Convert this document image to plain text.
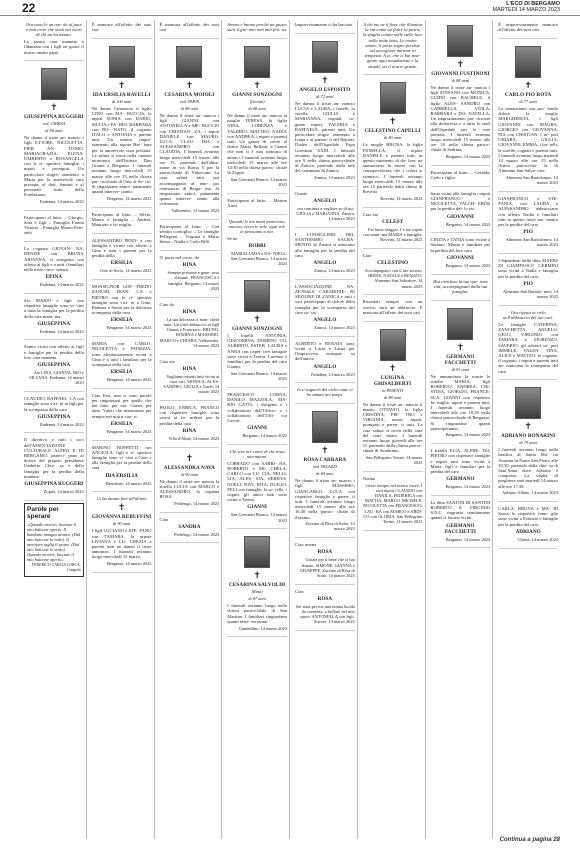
22	L'ECO DI BERGAMO
MARTEDÌ 14 MARZO 2023

Ora sono lo un ren- do al pace e mai certe che sioni nei cuori di chi mi ha amato.

La nostra cara mamma e fidanzata con i figli ne gioite il nostro amato papà.

✝
GIUSEPPINA RUGGERI
ved. CHIESA
di 96 anni

Ne danno il triste an- nuncio i figli ETTORE, NICOLETTA, PIER AN- TONIO, MARIAGRAZIA, ELENA, UMBERTO e ROSANGELA con le ri- spettive famiglie, i nipoti e pronipoti. Un particolare ringra- ziamento a Maria per la amorevole cura prestata, al dott. Santini e al personale tutto della Fondazione.

Endenna, 14 marzo 2023

Partecipano al lutto: – Giorgio, Sara e figli – Famiglia Farina Vittorio – Famiglia Mauro Pere- zetti

La cognata GIOVAN- NA, DENISE con BRUNA ARIANNA, ci stringono con affetto ai figli e a tutti i familiari nella triste circo- stanza.

EPINA

Endenna, 14 marzo 2023

Zio MARIO e figli con rispettive famiglie sono vi- cini a tutta la famiglia per la perdita della cara mam- ma.

GIUSEPPINA

Endenna, 14 marzo 2023

Siamo vicini con affetto ai figli e famiglie per la perdita della loro cara mamma.

GIUSEPPINA

Zia LINA, GIANNA, RIO e SILVANA. Endenna, 14 marzo 2023

CLAUDIO, RAFFAEL- LA con famiglie sono vici- ni ai figli per la scomparsa della cara

GIUSEPPINA

Endenna, 14 marzo 2023

Il direttivo e tutti i soci dell'ASSOCIAZIONE CULTURALE ALPINI E DI BERGAMO, parteci- pano al dolore del proprio presidente Umberto Chie- sa e della famiglia per la perdita della mamma

GIUSEPPINA RUGGERI

Zogno, 14 marzo 2023

Parole per sperare

«Quando morirò, lasciate il mio balcone aperto. Il bambino mangia arance. (Dal mio balcone lo vedo). Il mietitore taglia il grano. (Dal mio balcone lo sento). Quando morirò, lasciate il mio balcone aperto».

FEDERICO GARCIA LORCA, Congedo

È mancata all'affetto dei suoi cari

✝
IDA ERSILIA RAVELLI
di 100 anni

Ne danno l'annuncio il figlio GINO con MA- RUCCIA, le nipoti SONIA con DARIO, SILVIA e FA- BIO, BARBARA con RO- NATO, il cognato ITALO e ANTONIA e parenti tutti. Un sentito ringra- ziamento alla nipote Bar- bara per la amorevole cura prestata. La salma si trova nella camera mortuaria dell'Istituto Don Orione a Bergamo. I funerali avranno luogo mercoledì 15 marzo alle ore 15 nella chiesa par- rocchiale di Orio al Se- rio. Si ringraziano antici- patamente quanti interver- ranno.

Bergamo, 14 marzo 2023

Partecipano al lutto: – Silvio, Mauro e famiglia – Andrea, Maurizio e fa- miglia

ALESSANDRO PENN- a con famiglia è vicino con affetto a Gino e tutti i parenti per la perdita della

ERSILIA

Orio al Serio, 14 marzo 2023

MONSIGNOR GOF- FREDO ZANCHI, BIAN- CA e PIETRO con le ri- spettive famiglie sono vici- ni a Gino, Barbara e Sonia per la dolorosa scomparsa della cara

ERSILIA

Bergamo, 14 marzo 2023

MARIA con CARLO, NICOLETTA e PATRIZIA, sono affettuosamente vicini a Gino e a tutti i familiari per la scomparsa della cara

ERSILIA

Bergamo, 14 marzo 2023

Ciao Ersi, non ci sono parole per ringraziarti per quello che hai fatto per noi. Grazie per tutto. Valeri che rimarranno per sempre nei nostri cuo- ri.

ERSILIA

Bergamo, 14 marzo 2023

MARINO BOFFETTI con ANGIOLA, figli e ri- spettive famiglie sono vi- cini a Gino e alla famiglia per la perdita della cara

IDA ERSILIA

Brembate, 14 marzo 2023

Ci ha amato fino all'ultimo

✝
GIOVANNA REBUFFINI
di 90 anni

I figli LUCIANO e STE- FANO con TAMARA, la nipote LIVIANA e LU- CREZIA e parenti tutti ne danno il triste annuncio. I funerali avranno luogo mercoledì 15 marzo.

Bergamo, 14 marzo 2023

È mancata all'affetto dei suoi cari

✝
CESARINA MOIOLI
ved. PAPIS
di 88 anni

Ne danno il triste an- nuncio i figli GIANNI con ANTONELLA e ME- RUCCIO con CRISTIAN- ZA, i nipoti DANIELE con MAURO, LUCA, CLAU- DIA e ALESSANDRO con CLAUDIA. I funerali avranno luogo mercoledì 15 marzo alle ore 15, partendo dall'abita- zione in via Roma 5 per la parrocchiale di Vimercate. La cara salma sarà poi accompagnata al tem- pio crematorio di Berga- mo. Si ringraziano antici- patamente quanti interver- ranno alla cerimonia.

Valbrembo, 14 marzo 2023

Partecipano al lutto: – Con sentito cordoglio: – Le famiglie Pellegrini – Virginia e Mario Sessa – Nadia e Carlo Biffi

Ti porto nel cuore, da

RINA

Sempre presente e gene- roso d'animo. FRANCESCA e famiglia. Bergamo, 14 marzo 2023

Ciao da

RINA

La tua dolcezza ci man- cherà tutta. Un forte abbraccio ai figli Gianni e Francesco. BRUNO, ROMINA e MASSIMO, MARCO e CHIARA. Valbrembo, 14 marzo 2023

Ciao zia

RINA

Vogliamo esserti tutti vicini ai tuoi cari. MONICA, ALES- SANDRO, GIULIA e Gorle, 14 marzo 2023

PAOLO, ENRICA, FRANCO con rispettive famiglie sono vicini ai fa- miliari per la perdita della cara

RINA

Villa d'Almè, 14 marzo 2023

✝
ALESSANDRA NAVA
di 90 anni

Ne danno il triste an- nuncio la sorella LUCIA con MARCO e ALESSANDRO, la cognata ROSA.

Pedrengo, 14 marzo 2023

Ciao

SANDRA

Pedrengo, 14 marzo 2023

Amato e buono perché un giusto sarà il gio- nno non mai fini- sa.

✝
GIANNI SONZOGNI
(Gianni)
di 68 anni

Ne danno il triste an- nuncio la moglie TERESA, la figlia NINA, LORENZA e VALERIO, MATTEO, NADIA con ANDREA, i nipoti e parenti tutti. Un grazie di cuore al dottor Mario Bellotti, a Gianni che non si è mai stancato di amarci. I funerali avranno luogo mercoledì 15 marzo alle ore 14:30 nella chiesa parroc- chiale di Zogno.

San Giovanni Bianco, 14 marzo 2023

Partecipano al lutto: – Marino Armi

Quando le tue mani muoviono, ancora, verso le sole, ogni vol- te pensiamo a noi.

Se ne

ROBBI

MARIALUIZIA e DA- NIELE. San Giovanni Bianco, 14 marzo 2023

✝
GIANNI SONZOGNI

I fratelli ANTONIA, GIACOMINA, DOMENI- CO, ALBERTO, ESTER, LAURA e ANNA con rispet- tive famiglie sono vicini a Teresa, Lorenzo e familiari per la perdita del caro Gianni.

San Giovanni Bianco, 14 marzo 2023

FRANCESCO CORNA, DANILO MAZZOLA, MA- RIO GATTI, i dirigenti e i collaboratori dell'Ufficio e i collaboratori dell'Uffi- cio Lavori.

GIANNI

Bergamo, 14 marzo 2023

Chi vive nel cuore di chi resta non muore.

CORRADO con SABRI- NA, ROBERTO e MI- CHELA, CARLO con LU- CIA, NELLI, LIA, ALES- SIA, SERENA, NOELI, NIVI, RITA, DUILIO, FELI con famiglie, le so- relle, i cugini, gli amici tutti sono vicini a Teresa.

GIANNI

San Giovanni Bianco, 14 marzo 2023

✝
CESARINA SALVOLDI
(Rina)
di 87 anni

I funerali avranno luogo nella chiesa parrocchiale di San Martino. I familiari ringraziano quanti inter- verranno.

Gandellino, 14 marzo 2023

Improvvisamente ci ha lasciato

✝
ANGELO ESPOSITO
di 72 anni

Ne danno il triste an- nuncio LUCIA e LAURA, i fratelli, la sorella, GIULIA e MARIANNA, cognati, co- gnate, nipoti, VALERIA e RAFFAELE, parenti tutti. Un particolare ringra- ziamento a Ivana e ai pazien- ti del Reparto Dialisi dell'Ospedale Papa Giovanni XXIII. I funerali avranno luogo mercoledì alle ore 9 nella chiesa parrocchiale di Zanica, partendo dalla sala del commiato di Zanica.

Zanica, 14 marzo 2023

Grazie

ANGELO

ora continua a vegliare su di noi. GIULIA e MARIANNA. Zanica, 14 marzo 2023

I CONSIGLIERI DEL SANTISSIMO SACRA- MENTO di Zanica si uniscono alla famiglia per la perdita del caro

ANGELO

Zanica, 14 marzo 2023

L'ASSOCIAZIONE NA- ZIONALE CARABINIE- RI SEZIONE DI ZANICA e tutti i soci partecipano al dolore della famiglia per la scomparsa del caro so- cio

ANGELO

Zanica, 14 marzo 2023

ALBERTO e RENATA sono vicini a Lucia e Laura per l'improvvisa scompar- sa dell'amico

ANGELO

Paladina, 14 marzo 2023

Io ti sognerò del cielo come ci ho amato nei tempi.

✝
ROSA CARRARA
ved. PALAZZI
di 84 anni

Ne danno il triste an- nuncio i figli MASSIMO, GIANCARLO, LUCA con rispettive famiglie e paren- ti tutti. I funerali avranno luogo mercoledì 15 marzo alle ore 16.30 nella parroc- chiale di Zorzino.

Zorzino di Riva di Solto, 14 marzo 2023

Ciao nonna

ROSA

Grazie per il bene che ci hai donato. SIMONE, GIANNA e GIUSEPPE. Zorzino di Riva di Solto, 14 marzo 2023

Ciao

ROSA

Sei stata per me una nonna lucida da coerenza, a brillare nel mio cuore. ANTONELLA con figli. Sovere, 14 marzo 2023

A chi me ne il fiore che illumina la via come un finire la fatica, la sfaglia colata nelle stelle luce nella notte buia. Le nostre anime, il porto sogno persiste nel accogliere durante la tempesta. A te, che ci hai inse- gnato ogni inondazione e la strada, sei il nostro grazie.

✝
CELESTINO CAPELLI
di 80 anni

La moglie BRUNA, la figlia FIORELLA, il nipote DANIELE e parenti tutti, in questo momento di do- lore, ne annunciano la morte con la consapevolezza che i colori si svanisco. I funerali avranno luogo mercoledì 15 marzo alle ore 15 partendo dalla chiesa di Rovetta.

Rovetta, 14 marzo 2023

Ciao zio

CELEST

Fai buon viaggio. Le tue nipoti con mam- ma MARIA e famiglie. Rovetta, 14 marzo 2023

Ciao

CELESTINO

Accompagnaci con il tuo sorriso. IRENE, NATALE e RENATO. Almenno San Salvatore, 14 marzo 2023

Ricordati sempre con un sorriso, sarà un abbraccio. È mancata all'affetto dei suoi cari

✝
LUIGINA GHISALBERTI
in PESENTI
di 88 anni

Ne danno il triste an- nuncio il marito OTTAVIO, la figlia CRISTINA, PIE- TRO e VIRGINIA, nuore, nipoti, pronipoti e paren- ti tutti. La cara salma si trova nella casa del com- miato. I funerali avranno luogo giovedì alle ore 15 partendo dalla chiesa parroc- chiale di Sombreno.

San Pellegrino Terme, 14 marzo 2023

Nonna

vivrai sempre nel nostro cuore. I tuoi nipoti CLAUDIO con DANILA, FEDERICA con MATTIA, MARCO, MICHELE, NICOLETTA con FRANCESCO, LAU- RA con MARCO e ARDI- CO con GLORIA. San Pellegrino Terme, 14 marzo 2023

✝
GIOVANNI FUSTINONI
di 88 anni

Ne danno il triste an- nuncio i figli STEFANO con MONICA, GUIDO con RACHELE, il figlio ALES- SANDRO con GABRIELLA, VIOLA, BARBARA e DO- NATELLA. Un ringraziamento par- ticolare alla dottoressa e a tutto lo staff dell'Ospedale per le cure prestate. I funerali avranno luogo mercoledì 15 marzo alle ore 10 nella chiesa parroc- chiale di Sedrina.

Bergamo, 14 marzo 2023

Partecipano al lutto: – Geralda, Carlo e figlia

Sono vicini alla famiglia i nipoti GIANFRANCO e NICOLETTA, VALCH- ERINI per la perdita del- lo zio

GIOVANNI

Bergamo, 14 marzo 2023

CINZIA e TANIA sono vicine a Stefano, Monia e familiari per la perdita del loro caro

GIOVANNI

Bergamo, 14 marzo 2023

Hai concluso la tua ope- rosa vita, accompagnato dalla tua famiglia.

✝
GERMANO FACCHETTI
di 91 anni

Ne annunciano la morte le sorelle MARIA, figli ROBERTO, ANDREA, CRI- STINA, GIORGIO, FRANCE- SCA, GIANNI con rispettive fa- miglie, nipoti e parenti tutti. I funerali avranno luogo mercoledì alle ore 10.30 nella chiesa parrocchiale di Bergamo. Si ringraziano quanti parteciperanno.

Bergamo, 14 marzo 2023

I fratelli ELIA, ALFRE- DO, PIETRO con rispettive famiglie e nipoti tutti sono vicini a Maria, figli e familiari per la perdita del caro

GERMANO

Bergamo, 14 marzo 2023

La ditta SANTINI DI SANTINI ROBERTO E VIRGINIO S.N.C. ringrazia sentitamente quanti ci furono vicini.

GERMANO FACCHETTI

Bergamo, 14 marzo 2023

È improvvisamente mancato all'affetto dei suoi cari

✝
CARLO PIO ROTA
di 77 anni

Lo annunciano con pro- fondo dolore la moglie MARGHERITA, i figli GIOVANNI con MAURA, GIORGIO con GIOVANNA, PIA con CRISTIAN, i ni- poti CHIARA, GIULIA, GIOVANNI, EMMA, i fra- telli, le sorelle, cognati e parenti tutti. I funerali avranno luogo martedì 14 marzo alle ore 15 nella chiesa parrocchia- le di Almenno San Salva- tore.

Almenno San Bartolomeo, 14 marzo 2023

GIANFRANCO e STE- FANIA, con LAURA e ALESSANDRO abbracciano con affetto Nadia e familiari tutti in questo triste mo- mento per la perdita del caro

PIO

Almenno San Bartolomeo, 14 marzo 2023

I dipendenti della ditta MAERS DI GIAMPAOLO GERMINI sono vicini a Nadia e famiglia per la perdita del caro

PIO

Almenno San Bartolo- meo, 14 marzo 2023

Ora riposa in cielo nell'abbraccio del tuo cari.

Le famiglie CATERINA, ZANCHETTA, ANGELO, GELO, VIRGINIO con TAMARA e FIORENZO, SAVERIO, gli adorati ni- poti IMMELE, VALEN- TINA, ALICE e MATTEO, le cognate, il cognato, i nipoti e parenti tutti an- nunciano la scomparsa del caro

✝
ADRIANO BONARINI
di 79 anni

I funerali avranno luogo nella basilica di Santa Ma- ria Assunta in Ponte San Pietro alle 10.30, partendo dalla chie- sa di Sant'Anna dove Adriano è composto. La veglia di preghiera sarà martedì 14 marzo alle ore 17.30.

Adriano Alfano, 14 marzo 2023

CARLA, BRUNA e MA- RI Sonia le rispettive fami- glie sono vicini a Fabrizio e famiglie per la perdita del caro

ADRIANO

Chiesa, 14 marzo 2023

Continua a pagina 28
